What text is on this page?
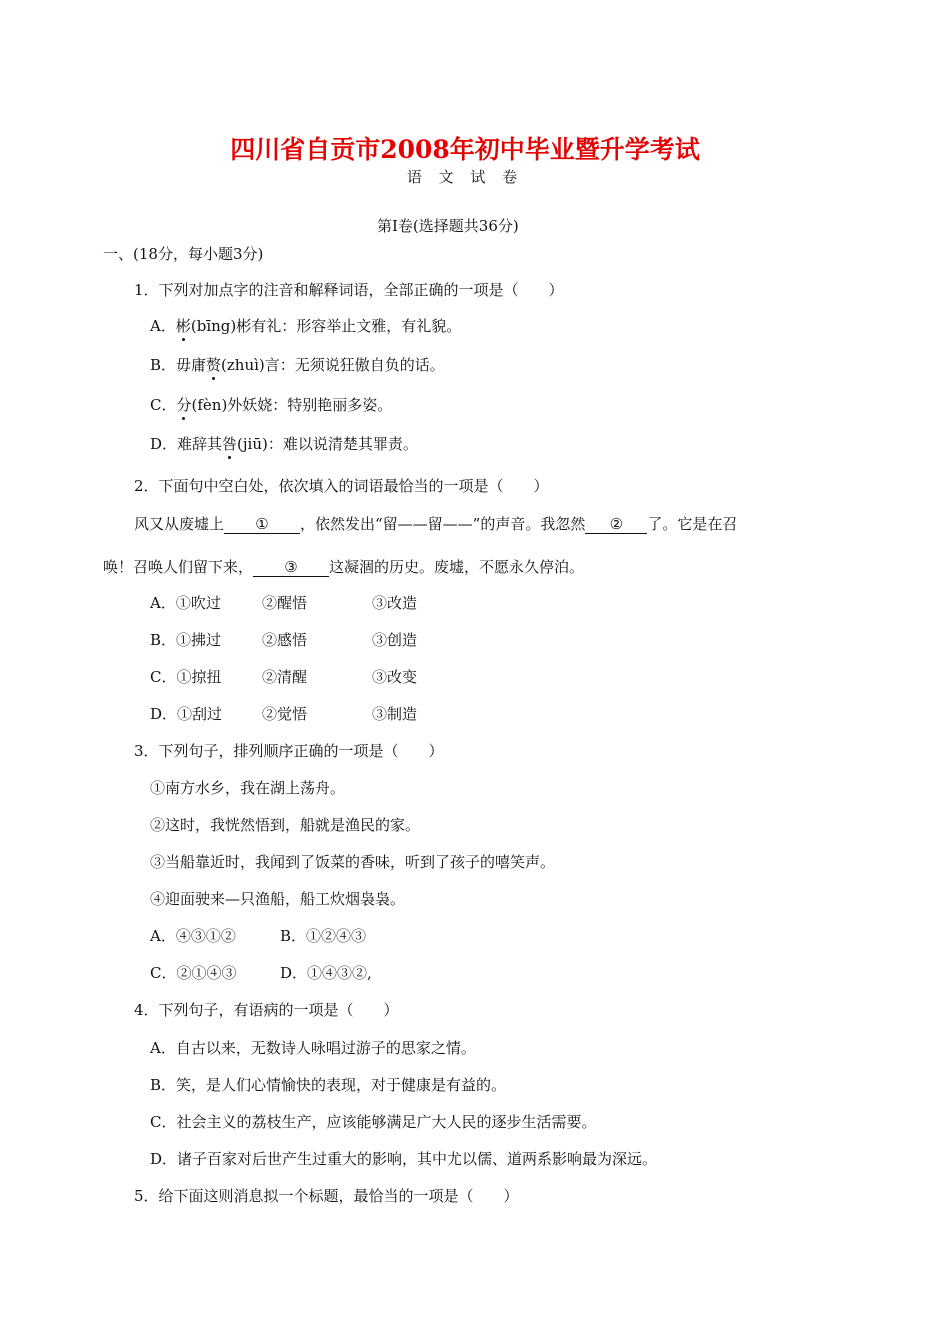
四川省自贡市2008年初中毕业暨升学考试
语 文 试 卷
第Ⅰ卷(选择题共36分)
一、(18分，每小题3分)
1．下列对加点字的注音和解释词语，全部正确的一项是（　　）
A．彬(bīng)彬有礼：形容举止文雅，有礼貌。
B．毋庸赘(zhuì)言：无须说狂傲自负的话。
C．分(fèn)外妖娆：特别艳丽多姿。
D．难辞其咎(jiū)：难以说清楚其罪责。
2．下面句中空白处，依次填入的词语最恰当的一项是（　　）
风又从废墟上 ① ，依然发出“留——留——”的声音。我忽然 ② 了。它是在召
唤！召唤人们留下来， ③ 这凝涸的历史。废墟，不愿永久停泊。
A．①吹过	②醒悟	③改造
B．①拂过	②感悟	③创造
C．①掠扭	②清醒	③改变
D．①刮过	②觉悟	③制造
3．下列句子，排列顺序正确的一项是（　　）
①南方水乡，我在湖上荡舟。
②这时，我恍然悟到，船就是渔民的家。
③当船靠近时，我闻到了饭菜的香味，听到了孩子的嘻笑声。
④迎面驶来—只渔船，船工炊烟袅袅。
A．④③①②	B．①②④③
C．②①④③	D．①④③②,
4．下列句子，有语病的一项是（　　）
A．自古以来，无数诗人咏唱过游子的思家之情。
B．笑，是人们心情愉快的表现，对于健康是有益的。
C．社会主义的荔枝生产，应该能够满足广大人民的逐步生活需要。
D．诸子百家对后世产生过重大的影响，其中尤以儒、道两系影响最为深远。
5．给下面这则消息拟一个标题，最恰当的一项是（　　）
